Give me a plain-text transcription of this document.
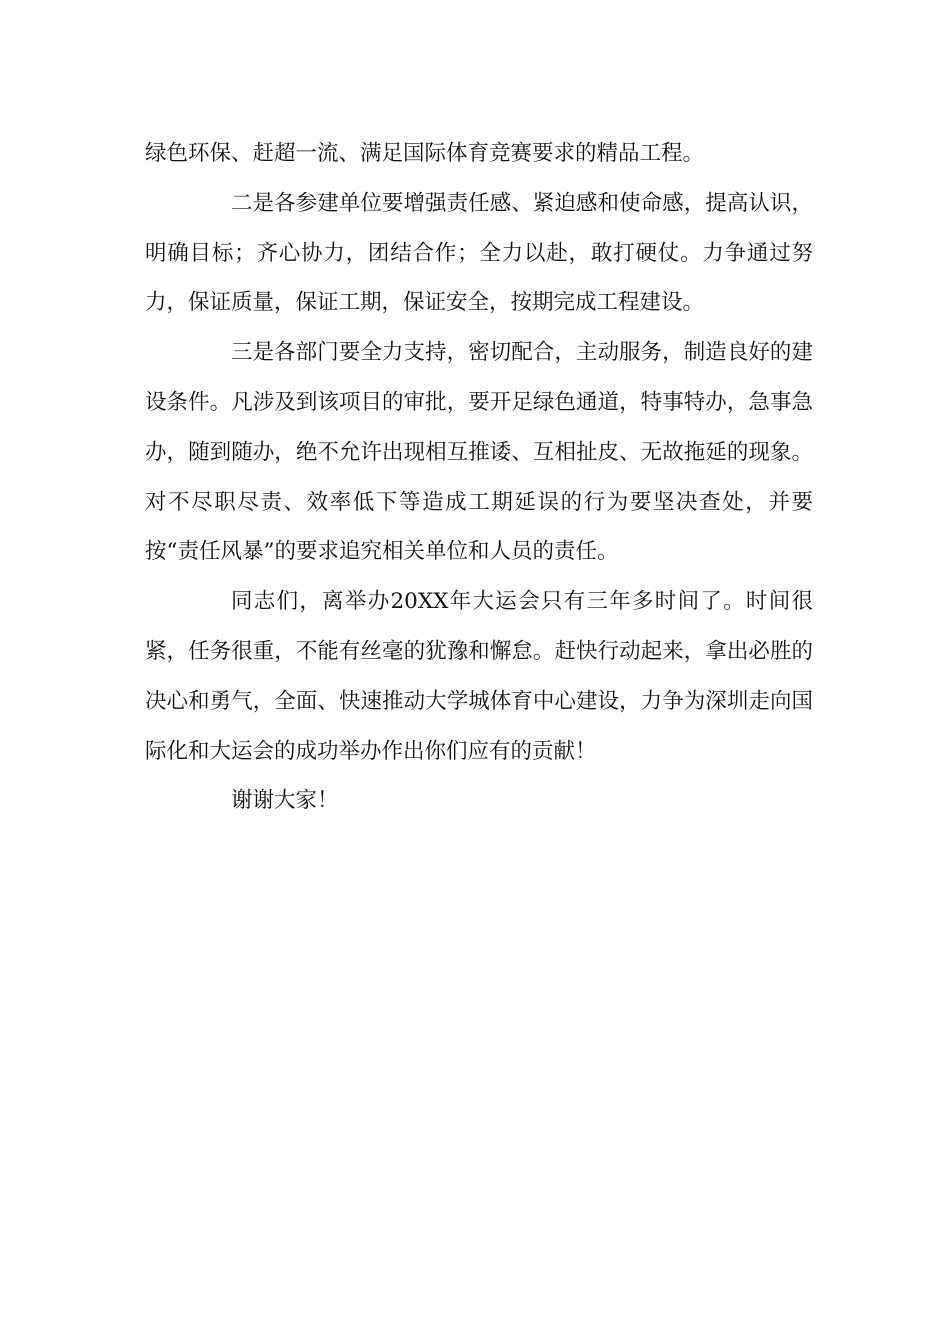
绿色环保、赶超一流、满足国际体育竞赛要求的精品工程。

二是各参建单位要增强责任感、紧迫感和使命感，提高认识，明确目标；齐心协力，团结合作；全力以赴，敢打硬仗。力争通过努力，保证质量，保证工期，保证安全，按期完成工程建设。

三是各部门要全力支持，密切配合，主动服务，制造良好的建设条件。凡涉及到该项目的审批，要开足绿色通道，特事特办，急事急办，随到随办，绝不允许出现相互推诿、互相扯皮、无故拖延的现象。对不尽职尽责、效率低下等造成工期延误的行为要坚决查处，并要按“责任风暴”的要求追究相关单位和人员的责任。

同志们，离举办20XX年大运会只有三年多时间了。时间很紧，任务很重，不能有丝毫的犹豫和懈怠。赶快行动起来，拿出必胜的决心和勇气，全面、快速推动大学城体育中心建设，力争为深圳走向国际化和大运会的成功举办作出你们应有的贡献！

谢谢大家！
